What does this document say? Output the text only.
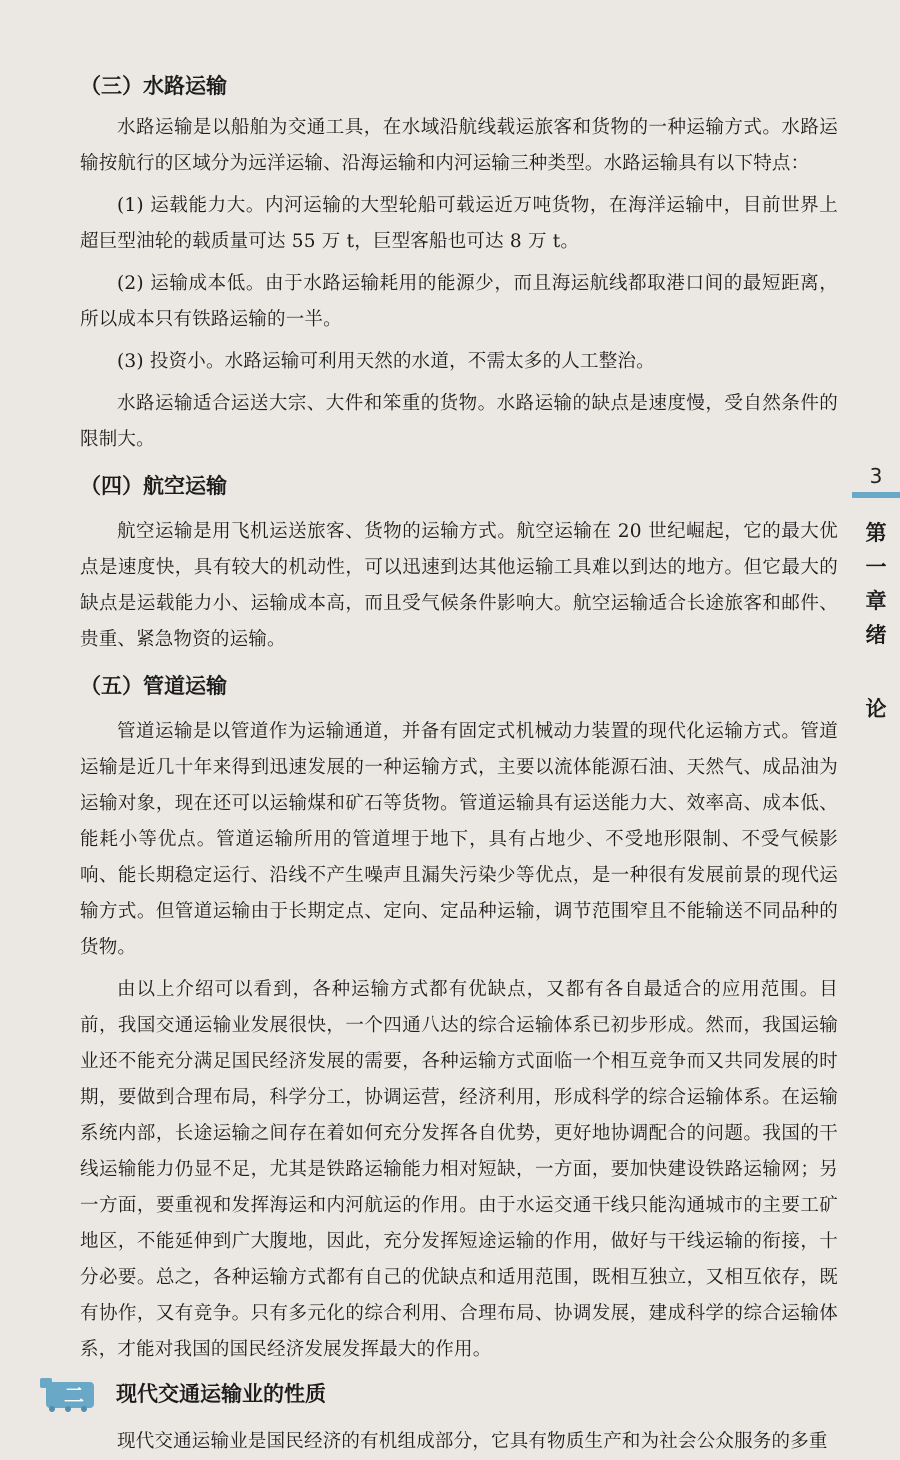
（三）水路运输

水路运输是以船舶为交通工具，在水域沿航线载运旅客和货物的一种运输方式。水路运输按航行的区域分为远洋运输、沿海运输和内河运输三种类型。水路运输具有以下特点：

(1) 运载能力大。内河运输的大型轮船可载运近万吨货物，在海洋运输中，目前世界上超巨型油轮的载质量可达 55 万 t，巨型客船也可达 8 万 t。

(2) 运输成本低。由于水路运输耗用的能源少，而且海运航线都取港口间的最短距离，所以成本只有铁路运输的一半。

(3) 投资小。水路运输可利用天然的水道，不需太多的人工整治。

水路运输适合运送大宗、大件和笨重的货物。水路运输的缺点是速度慢，受自然条件的限制大。

（四）航空运输

航空运输是用飞机运送旅客、货物的运输方式。航空运输在 20 世纪崛起，它的最大优点是速度快，具有较大的机动性，可以迅速到达其他运输工具难以到达的地方。但它最大的缺点是运载能力小、运输成本高，而且受气候条件影响大。航空运输适合长途旅客和邮件、贵重、紧急物资的运输。

（五）管道运输

管道运输是以管道作为运输通道，并备有固定式机械动力装置的现代化运输方式。管道运输是近几十年来得到迅速发展的一种运输方式，主要以流体能源石油、天然气、成品油为运输对象，现在还可以运输煤和矿石等货物。管道运输具有运送能力大、效率高、成本低、能耗小等优点。管道运输所用的管道埋于地下，具有占地少、不受地形限制、不受气候影响、能长期稳定运行、沿线不产生噪声且漏失污染少等优点，是一种很有发展前景的现代运输方式。但管道运输由于长期定点、定向、定品种运输，调节范围窄且不能输送不同品种的货物。

由以上介绍可以看到，各种运输方式都有优缺点，又都有各自最适合的应用范围。目前，我国交通运输业发展很快，一个四通八达的综合运输体系已初步形成。然而，我国运输业还不能充分满足国民经济发展的需要，各种运输方式面临一个相互竞争而又共同发展的时期，要做到合理布局，科学分工，协调运营，经济利用，形成科学的综合运输体系。在运输系统内部，长途运输之间存在着如何充分发挥各自优势，更好地协调配合的问题。我国的干线运输能力仍显不足，尤其是铁路运输能力相对短缺，一方面，要加快建设铁路运输网；另一方面，要重视和发挥海运和内河航运的作用。由于水运交通干线只能沟通城市的主要工矿地区，不能延伸到广大腹地，因此，充分发挥短途运输的作用，做好与干线运输的衔接，十分必要。总之，各种运输方式都有自己的优缺点和适用范围，既相互独立，又相互依存，既有协作，又有竞争。只有多元化的综合利用、合理布局、协调发展，建成科学的综合运输体系，才能对我国的国民经济发展发挥最大的作用。

二 现代交通运输业的性质

现代交通运输业是国民经济的有机组成部分，它具有物质生产和为社会公众服务的多重

3
第
一
章
绪
论
